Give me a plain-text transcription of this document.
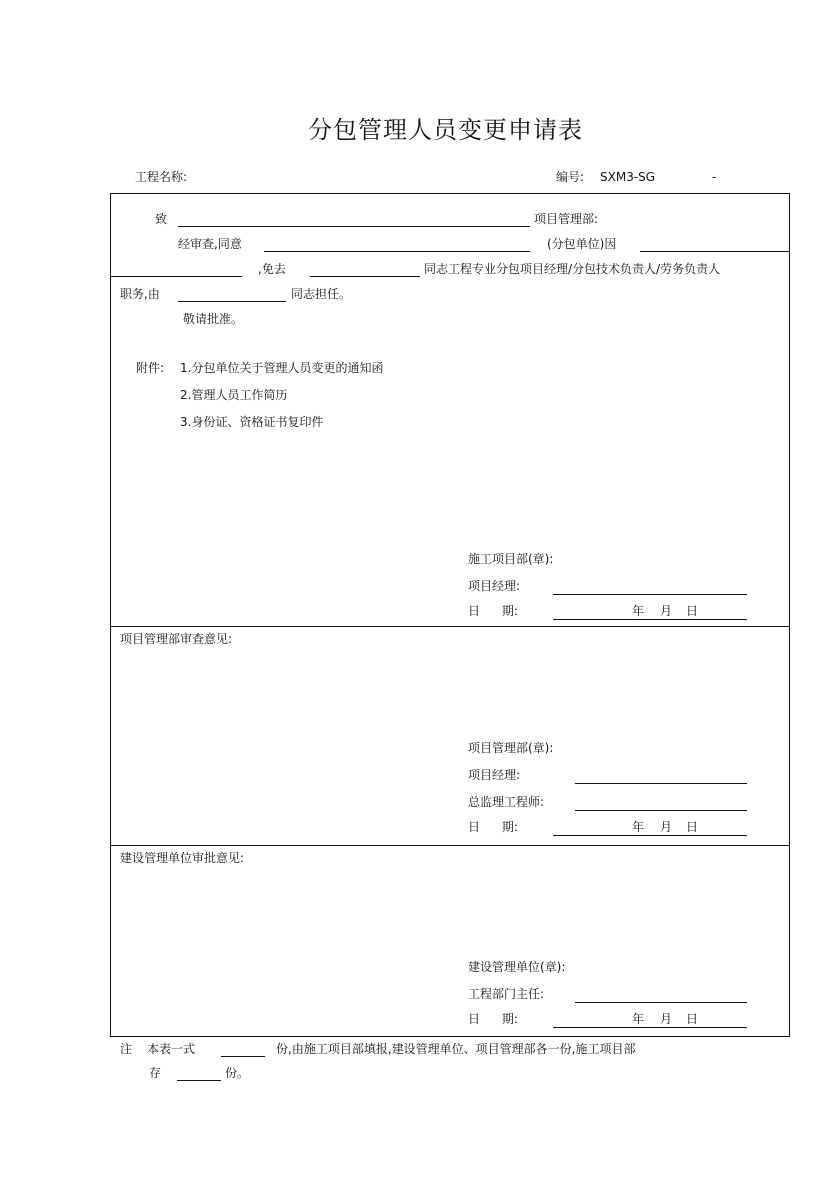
分包管理人员变更申请表
工程名称:	编号: SXM3-SG	-
致	项目管理部:
经审查,同意	(分包单位)因
,免去	同志工程专业分包项目经理/分包技术负责人/劳务负责人
职务,由	同志担任。
敬请批准。
附件: 1.分包单位关于管理人员变更的通知函
2.管理人员工作简历
3.身份证、资格证书复印件
施工项目部(章):
项目经理:
日 期:	年 月 日
项目管理部审查意见:
项目管理部(章):
项目经理:
总监理工程师:
日 期:	年 月 日
建设管理单位审批意见:
建设管理单位(章):
工程部门主任:
日 期:	年 月 日
注 本表一式	份,由施工项目部填报,建设管理单位、项目管理部各一份,施工项目部
存	份。
